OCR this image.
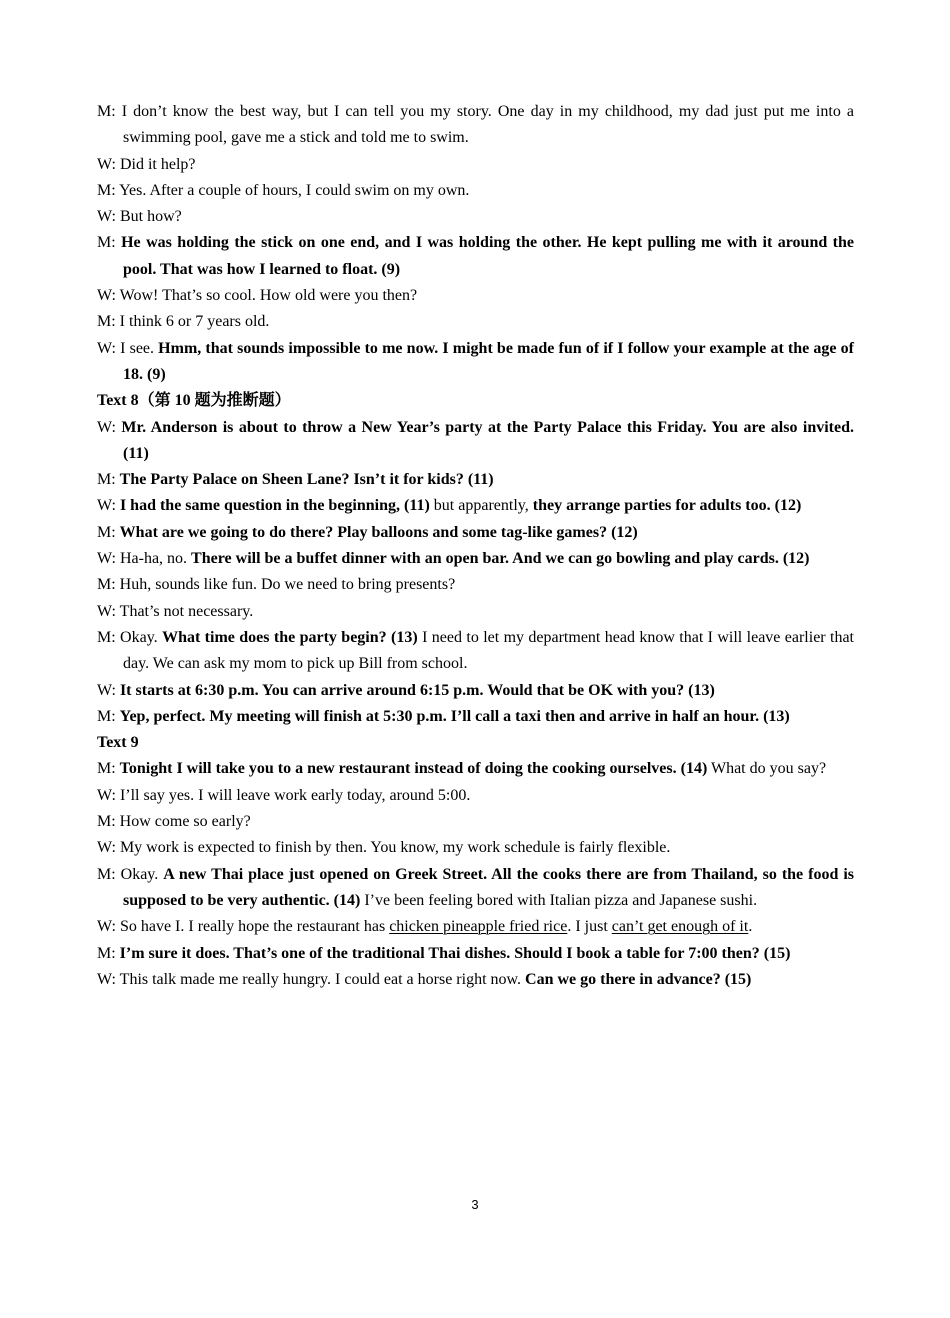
M: I don’t know the best way, but I can tell you my story. One day in my childhood, my dad just put me into a swimming pool, gave me a stick and told me to swim.
W: Did it help?
M: Yes. After a couple of hours, I could swim on my own.
W: But how?
M: He was holding the stick on one end, and I was holding the other. He kept pulling me with it around the pool. That was how I learned to float. (9)
W: Wow! That’s so cool. How old were you then?
M: I think 6 or 7 years old.
W: I see. Hmm, that sounds impossible to me now. I might be made fun of if I follow your example at the age of 18. (9)
Text 8（第 10 题为推断题）
W: Mr. Anderson is about to throw a New Year’s party at the Party Palace this Friday. You are also invited. (11)
M: The Party Palace on Sheen Lane? Isn’t it for kids? (11)
W: I had the same question in the beginning, (11) but apparently, they arrange parties for adults too. (12)
M: What are we going to do there? Play balloons and some tag-like games? (12)
W: Ha-ha, no. There will be a buffet dinner with an open bar. And we can go bowling and play cards. (12)
M: Huh, sounds like fun. Do we need to bring presents?
W: That’s not necessary.
M: Okay. What time does the party begin? (13) I need to let my department head know that I will leave earlier that day. We can ask my mom to pick up Bill from school.
W: It starts at 6:30 p.m. You can arrive around 6:15 p.m. Would that be OK with you? (13)
M: Yep, perfect. My meeting will finish at 5:30 p.m. I’ll call a taxi then and arrive in half an hour. (13)
Text 9
M: Tonight I will take you to a new restaurant instead of doing the cooking ourselves. (14) What do you say?
W: I’ll say yes. I will leave work early today, around 5:00.
M: How come so early?
W: My work is expected to finish by then. You know, my work schedule is fairly flexible.
M: Okay. A new Thai place just opened on Greek Street. All the cooks there are from Thailand, so the food is supposed to be very authentic. (14) I’ve been feeling bored with Italian pizza and Japanese sushi.
W: So have I. I really hope the restaurant has chicken pineapple fried rice. I just can’t get enough of it.
M: I’m sure it does. That’s one of the traditional Thai dishes. Should I book a table for 7:00 then? (15)
W: This talk made me really hungry. I could eat a horse right now. Can we go there in advance? (15)
3
